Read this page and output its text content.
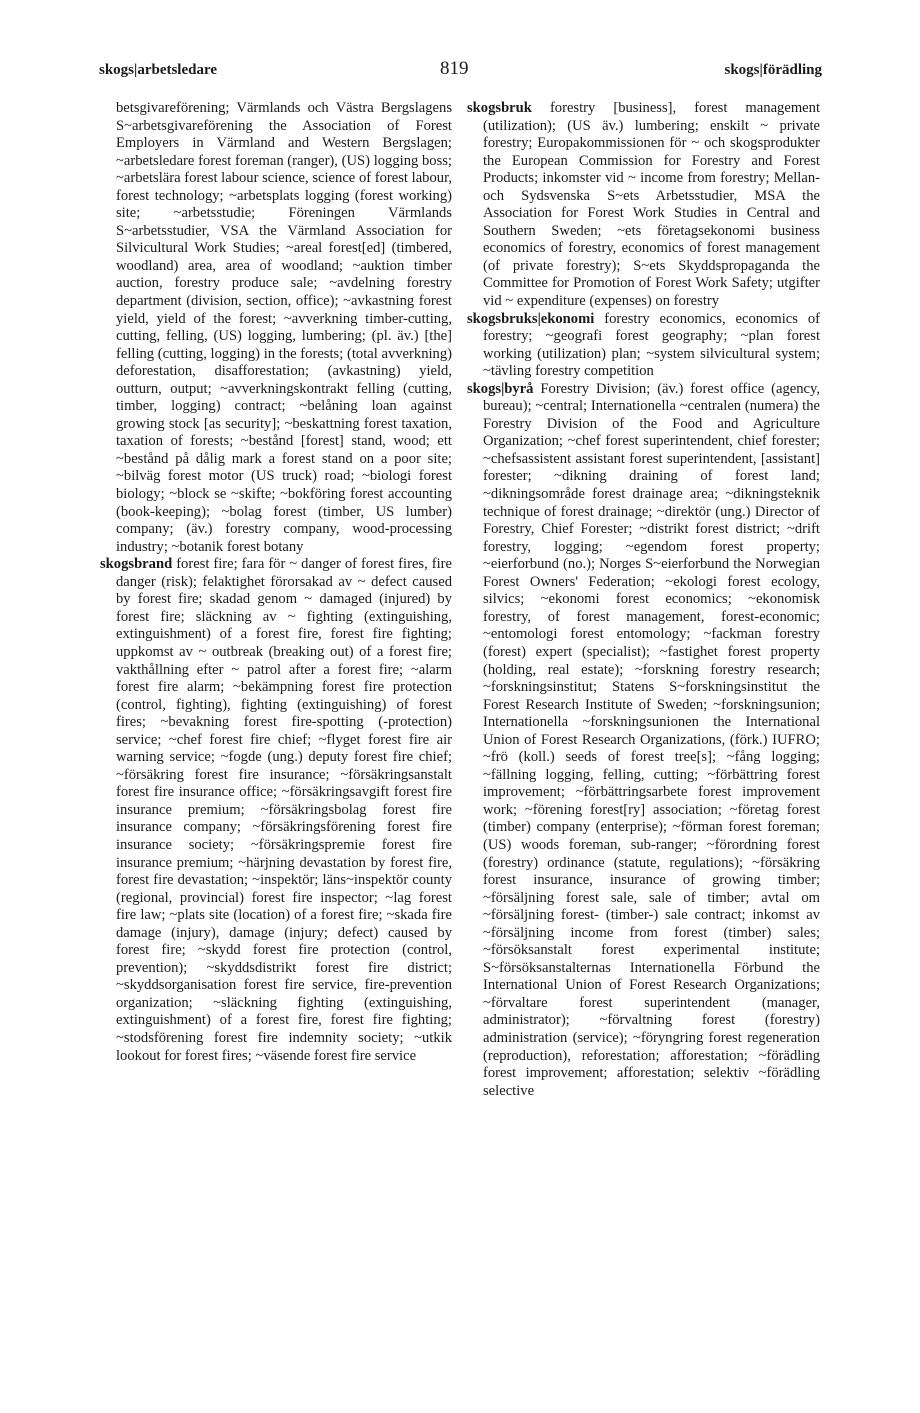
skogs|arbetsledare	819	skogs|förädling

betsgivareförening; Värmlands och Västra Bergslagens S~arbetsgivareförening the Association of Forest Employers in Värmland and Western Bergslagen; ~arbetsledare forest foreman (ranger), (US) logging boss; ~arbetslära forest labour science, science of forest labour, forest technology; ~arbetsplats logging (forest working) site; ~arbetsstudie; Föreningen Värmlands S~arbetsstudier, VSA the Värmland Association for Silvicultural Work Studies; ~areal forest[ed] (timbered, woodland) area, area of woodland; ~auktion timber auction, forestry produce sale; ~avdelning forestry department (division, section, office); ~avkastning forest yield, yield of the forest; ~avverkning timber-cutting, cutting, felling, (US) logging, lumbering; (pl. äv.) [the] felling (cutting, logging) in the forests; (total avverkning) deforestation, disafforestation; (avkastning) yield, outturn, output; ~avverkningskontrakt felling (cutting, timber, logging) contract; ~belåning loan against growing stock [as security]; ~beskattning forest taxation, taxation of forests; ~bestånd [forest] stand, wood; ett ~bestånd på dålig mark a forest stand on a poor site; ~bilväg forest motor (US truck) road; ~biologi forest biology; ~block se ~skifte; ~bokföring forest accounting (book-keeping); ~bolag forest (timber, US lumber) company; (äv.) forestry company, wood-processing industry; ~botanik forest botany

skogsbrand forest fire; fara för ~ danger of forest fires, fire danger (risk); felaktighet förorsakad av ~ defect caused by forest fire; skadad genom ~ damaged (injured) by forest fire; släckning av ~ fighting (extinguishing, extinguishment) of a forest fire, forest fire fighting; uppkomst av ~ outbreak (breaking out) of a forest fire; vakthållning efter ~ patrol after a forest fire; ~alarm forest fire alarm; ~bekämpning forest fire protection (control, fighting), fighting (extinguishing) of forest fires; ~bevakning forest fire-spotting (-protection) service; ~chef forest fire chief; ~flyget forest fire air warning service; ~fogde (ung.) deputy forest fire chief; ~försäkring forest fire insurance; ~försäkringsanstalt forest fire insurance office; ~försäkringsavgift forest fire insurance premium; ~försäkringsbolag forest fire insurance company; ~försäkringsförening forest fire insurance society; ~försäkringspremie forest fire insurance premium; ~härjning devastation by forest fire, forest fire devastation; ~inspektör; läns~inspektör county (regional, provincial) forest fire inspector; ~lag forest fire law; ~plats site (location) of a forest fire; ~skada fire damage (injury), damage (injury; defect) caused by forest fire; ~skydd forest fire protection (control, prevention); ~skyddsdistrikt forest fire district; ~skyddsorganisation forest fire service, fire-prevention organization; ~släckning fighting (extinguishing, extinguishment) of a forest fire, forest fire fighting; ~stodsförening forest fire indemnity society; ~utkik lookout for forest fires; ~väsende forest fire service

skogsbruk forestry [business], forest management (utilization); (US äv.) lumbering; enskilt ~ private forestry; Europakommissionen för ~ och skogsprodukter the European Commission for Forestry and Forest Products; inkomster vid ~ income from forestry; Mellan- och Sydsvenska S~ets Arbetsstudier, MSA the Association for Forest Work Studies in Central and Southern Sweden; ~ets företagsekonomi business economics of forestry, economics of forest management (of private forestry); S~ets Skyddspropaganda the Committee for Promotion of Forest Work Safety; utgifter vid ~ expenditure (expenses) on forestry

skogsbruks|ekonomi forestry economics, economics of forestry; ~geografi forest geography; ~plan forest working (utilization) plan; ~system silvicultural system; ~tävling forestry competition

skogs|byrå Forestry Division; (äv.) forest office (agency, bureau); ~central; Internationella ~centralen (numera) the Forestry Division of the Food and Agriculture Organization; ~chef forest superintendent, chief forester; ~chefsassistent assistant forest superintendent, [assistant] forester; ~dikning draining of forest land; ~dikningsområde forest drainage area; ~dikningsteknik technique of forest drainage; ~direktör (ung.) Director of Forestry, Chief Forester; ~distrikt forest district; ~drift forestry, logging; ~egendom forest property; ~eierforbund (no.); Norges S~eierforbund the Norwegian Forest Owners' Federation; ~ekologi forest ecology, silvics; ~ekonomi forest economics; ~ekonomisk forestry, of forest management, forest-economic; ~entomologi forest entomology; ~fackman forestry (forest) expert (specialist); ~fastighet forest property (holding, real estate); ~forskning forestry research; ~forskningsinstitut; Statens S~forskningsinstitut the Forest Research Institute of Sweden; ~forskningsunion; Internationella ~forskningsunionen the International Union of Forest Research Organizations, (förk.) IUFRO; ~frö (koll.) seeds of forest tree[s]; ~fång logging; ~fällning logging, felling, cutting; ~förbättring forest improvement; ~förbättringsarbete forest improvement work; ~förening forest[ry] association; ~företag forest (timber) company (enterprise); ~förman forest foreman; (US) woods foreman, sub-ranger; ~förordning forest (forestry) ordinance (statute, regulations); ~försäkring forest insurance, insurance of growing timber; ~försäljning forest sale, sale of timber; avtal om ~försäljning forest- (timber-) sale contract; inkomst av ~försäljning income from forest (timber) sales; ~försöksanstalt forest experimental institute; S~försöksanstalternas Internationella Förbund the International Union of Forest Research Organizations; ~förvaltare forest superintendent (manager, administrator); ~förvaltning forest (forestry) administration (service); ~föryngring forest regeneration (reproduction), reforestation; afforestation; ~förädling forest improvement; afforestation; selektiv ~förädling selective
